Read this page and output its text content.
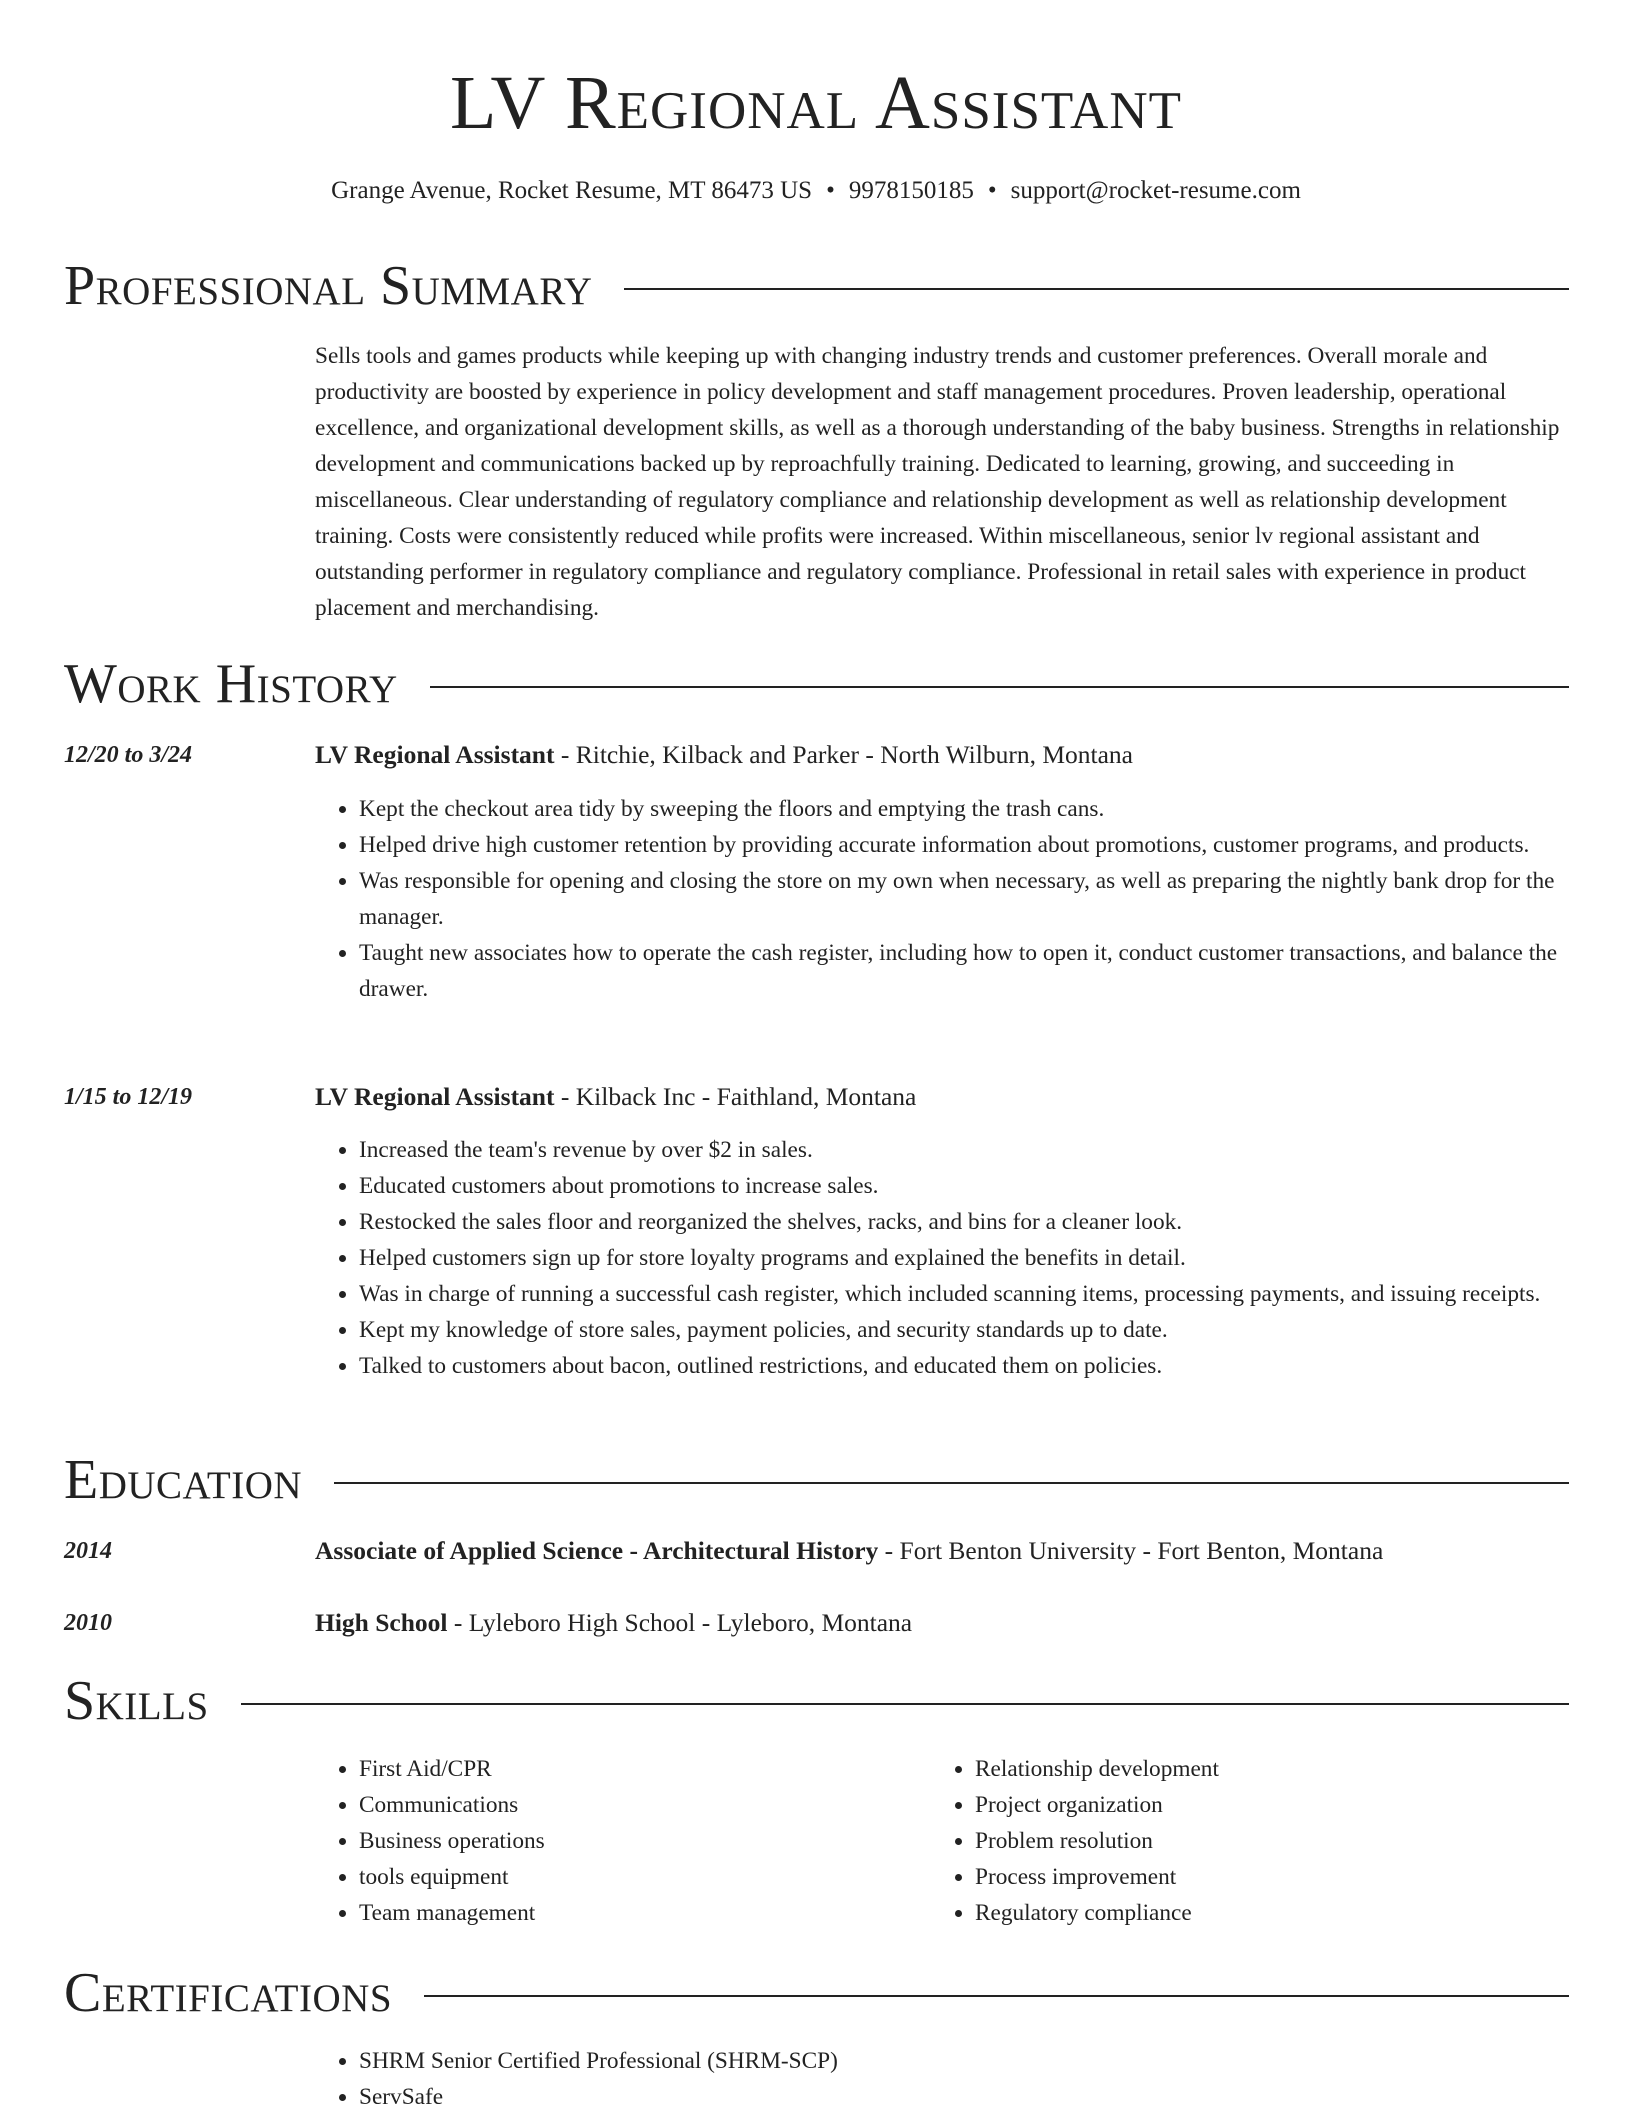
LV Regional Assistant
Grange Avenue, Rocket Resume, MT 86473 US • 9978150185 • support@rocket-resume.com
Professional Summary

Sells tools and games products while keeping up with changing industry trends and customer preferences. Overall morale and productivity are boosted by experience in policy development and staff management procedures. Proven leadership, operational excellence, and organizational development skills, as well as a thorough understanding of the baby business. Strengths in relationship development and communications backed up by reproachfully training. Dedicated to learning, growing, and succeeding in miscellaneous. Clear understanding of regulatory compliance and relationship development as well as relationship development training. Costs were consistently reduced while profits were increased. Within miscellaneous, senior lv regional assistant and outstanding performer in regulatory compliance and regulatory compliance. Professional in retail sales with experience in product placement and merchandising.

Work History
12/20 to 3/24	LV Regional Assistant - Ritchie, Kilback and Parker - North Wilburn, Montana
• Kept the checkout area tidy by sweeping the floors and emptying the trash cans.
• Helped drive high customer retention by providing accurate information about promotions, customer programs, and products.
• Was responsible for opening and closing the store on my own when necessary, as well as preparing the nightly bank drop for the manager.
• Taught new associates how to operate the cash register, including how to open it, conduct customer transactions, and balance the drawer.
1/15 to 12/19	LV Regional Assistant - Kilback Inc - Faithland, Montana
• Increased the team's revenue by over $2 in sales.
• Educated customers about promotions to increase sales.
• Restocked the sales floor and reorganized the shelves, racks, and bins for a cleaner look.
• Helped customers sign up for store loyalty programs and explained the benefits in detail.
• Was in charge of running a successful cash register, which included scanning items, processing payments, and issuing receipts.
• Kept my knowledge of store sales, payment policies, and security standards up to date.
• Talked to customers about bacon, outlined restrictions, and educated them on policies.
Education
2014	Associate of Applied Science - Architectural History - Fort Benton University - Fort Benton, Montana
2010	High School - Lyleboro High School - Lyleboro, Montana
Skills
• First Aid/CPR
• Communications
• Business operations
• tools equipment
• Team management
• Relationship development
• Project organization
• Problem resolution
• Process improvement
• Regulatory compliance
Certifications
• SHRM Senior Certified Professional (SHRM-SCP)
• ServSafe
